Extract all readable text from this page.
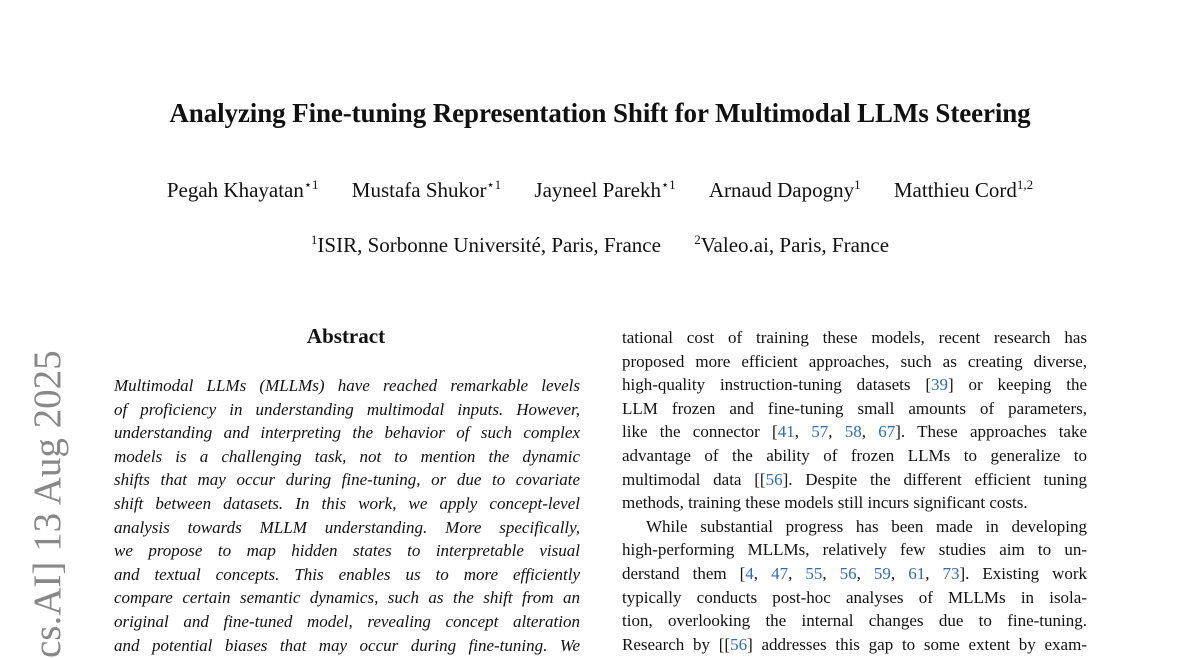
Analyzing Fine-tuning Representation Shift for Multimodal LLMs Steering
Pegah Khayatan$^{⋆1}$ Mustafa Shukor$^{⋆1}$ Jayneel Parekh$^{⋆1}$ Arnaud Dapogny$^1$ Matthieu Cord$^{1,2}$
$^1$ISIR, Sorbonne Université, Paris, France	$^2$Valeo.ai, Paris, France
cs.AI] 13 Aug 2025
Abstract
Multimodal LLMs (MLLMs) have reached remarkable levels
of proficiency in understanding multimodal inputs. However,
understanding and interpreting the behavior of such complex
models is a challenging task, not to mention the dynamic
shifts that may occur during fine-tuning, or due to covariate
shift between datasets. In this work, we apply concept-level
analysis towards MLLM understanding. More specifically,
we propose to map hidden states to interpretable visual
and textual concepts. This enables us to more efficiently
compare certain semantic dynamics, such as the shift from an
original and fine-tuned model, revealing concept alteration
and potential biases that may occur during fine-tuning. We
tational cost of training these models, recent research has
proposed more efficient approaches, such as creating diverse,
high-quality instruction-tuning datasets [39] or keeping the
LLM frozen and fine-tuning small amounts of parameters,
like the connector [41, 57, 58, 67]. These approaches take
advantage of the ability of frozen LLMs to generalize to
multimodal data [[56]. Despite the different efficient tuning
methods, training these models still incurs significant costs.
While substantial progress has been made in developing
high-performing MLLMs, relatively few studies aim to un-
derstand them [4, 47, 55, 56, 59, 61, 73]. Existing work
typically conducts post-hoc analyses of MLLMs in isola-
tion, overlooking the internal changes due to fine-tuning.
Research by [[56] addresses this gap to some extent by exam-
